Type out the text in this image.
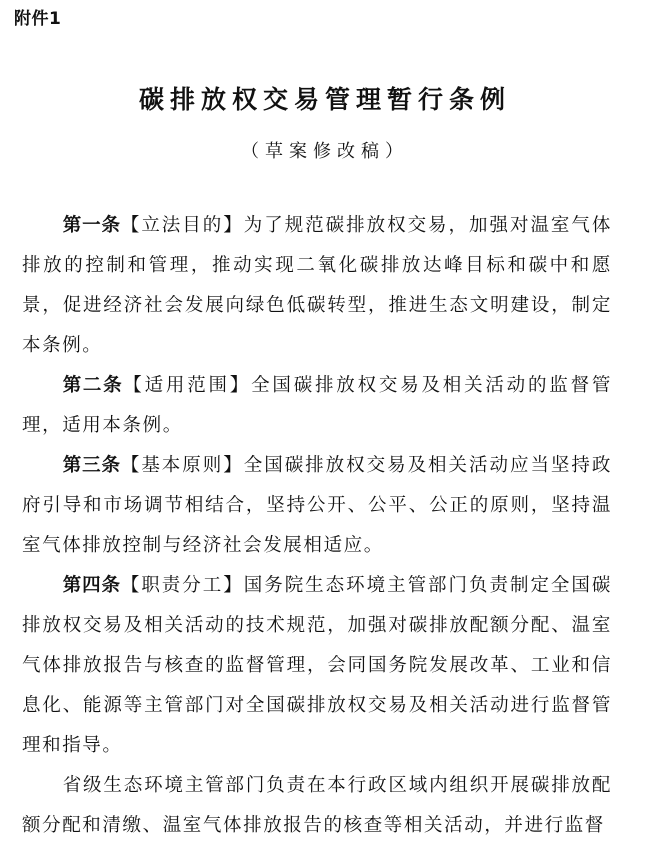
附件1
碳排放权交易管理暂行条例
（草案修改稿）

第一条【立法目的】为了规范碳排放权交易，加强对温室气体排放的控制和管理，推动实现二氧化碳排放达峰目标和碳中和愿景，促进经济社会发展向绿色低碳转型，推进生态文明建设，制定本条例。

第二条【适用范围】全国碳排放权交易及相关活动的监督管理，适用本条例。

第三条【基本原则】全国碳排放权交易及相关活动应当坚持政府引导和市场调节相结合，坚持公开、公平、公正的原则，坚持温室气体排放控制与经济社会发展相适应。

第四条【职责分工】国务院生态环境主管部门负责制定全国碳排放权交易及相关活动的技术规范，加强对碳排放配额分配、温室气体排放报告与核查的监督管理，会同国务院发展改革、工业和信息化、能源等主管部门对全国碳排放权交易及相关活动进行监督管理和指导。

省级生态环境主管部门负责在本行政区域内组织开展碳排放配额分配和清缴、温室气体排放报告的核查等相关活动，并进行监督
